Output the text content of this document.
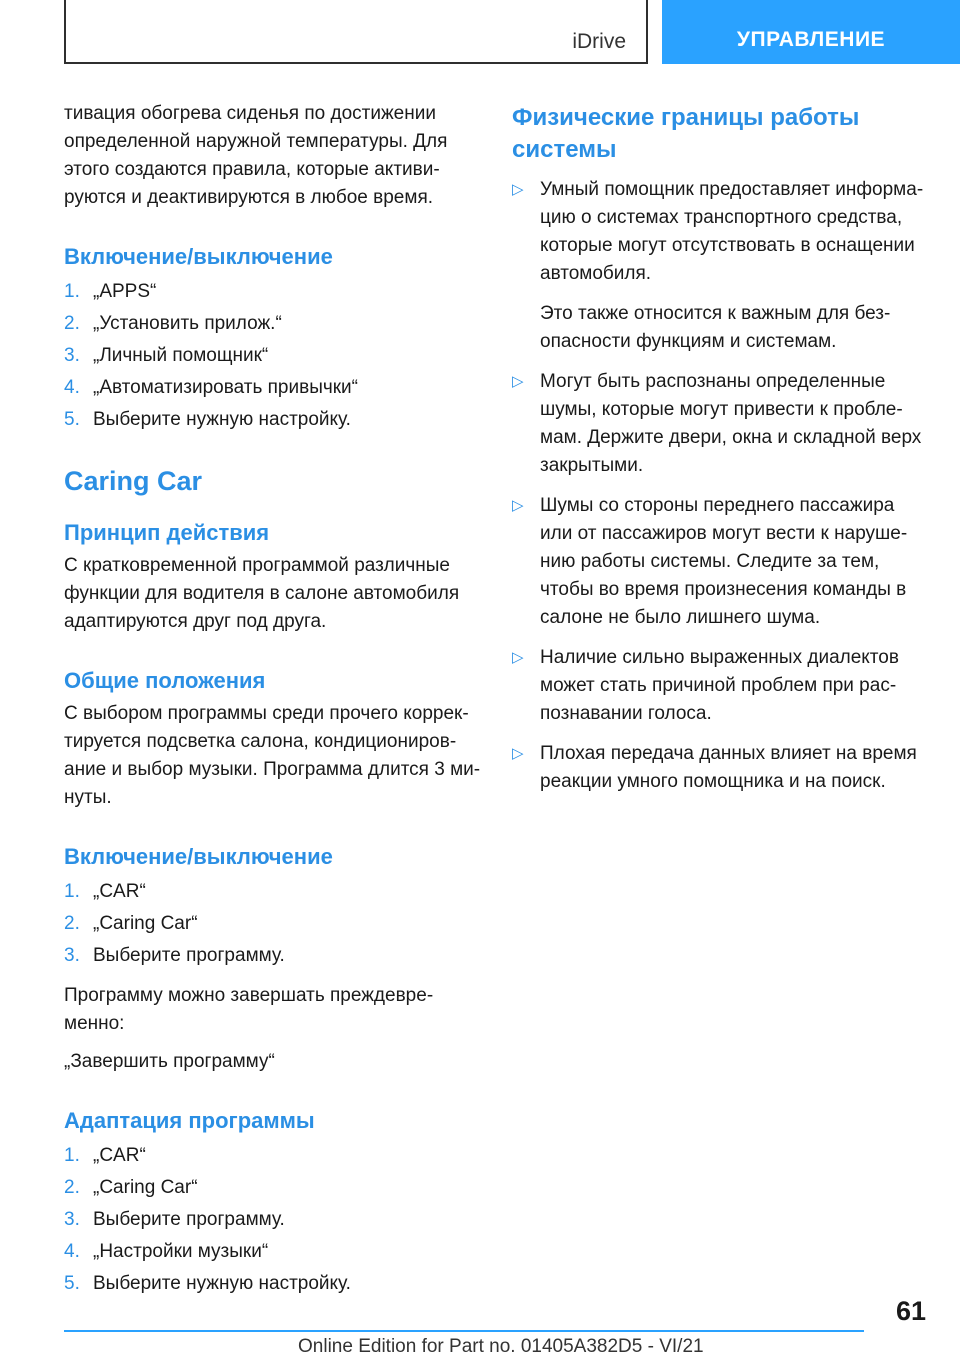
iDrive	УПРАВЛЕНИЕ

тивация обогрева сиденья по достижении определенной наружной температуры. Для этого создаются правила, которые активируются и деактивируются в любое время.

Включение/выключение
1. „APPS“
2. „Установить прилож.“
3. „Личный помощник“
4. „Автоматизировать привычки“
5. Выберите нужную настройку.
Caring Car
Принцип действия

С кратковременной программой различные функции для водителя в салоне автомобиля адаптируются друг под друга.

Общие положения

С выбором программы среди прочего корректируется подсветка салона, кондиционирование и выбор музыки. Программа длится 3 минуты.

Включение/выключение
1. „CAR“
2. „Caring Car“
3. Выберите программу.

Программу можно завершать преждевременно:

„Завершить программу“

Адаптация программы
1. „CAR“
2. „Caring Car“
3. Выберите программу.
4. „Настройки музыки“
5. Выберите нужную настройку.
Физические границы работы системы
▷ Умный помощник предоставляет информацию о системах транспортного средства, которые могут отсутствовать в оснащении автомобиля.

Это также относится к важным для безопасности функциям и системам.

▷ Могут быть распознаны определенные шумы, которые могут привести к проблемам. Держите двери, окна и складной верх закрытыми.

▷ Шумы со стороны переднего пассажира или от пассажиров могут вести к нарушению работы системы. Следите за тем, чтобы во время произнесения команды в салоне не было лишнего шума.

▷ Наличие сильно выраженных диалектов может стать причиной проблем при распознавании голоса.

▷ Плохая передача данных влияет на время реакции умного помощника и на поиск.

61
Online Edition for Part no. 01405A382D5 - VI/21
